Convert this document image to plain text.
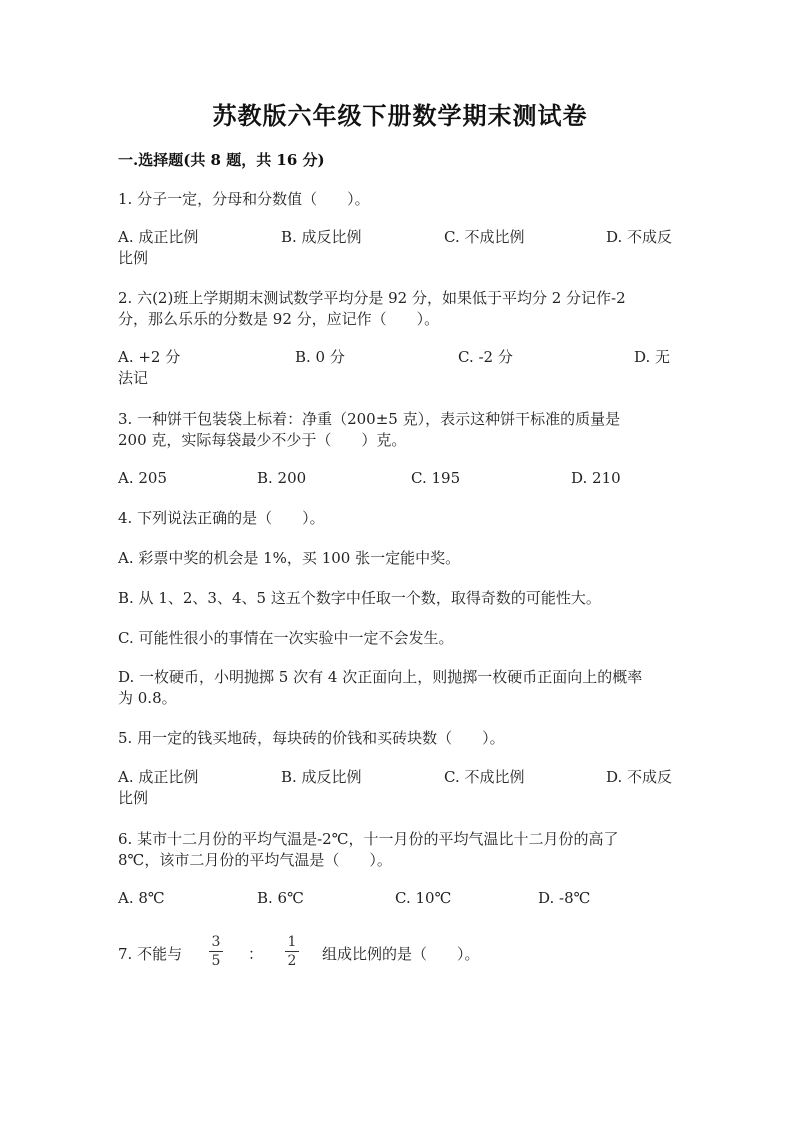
苏教版六年级下册数学期末测试卷
一.选择题(共 8 题，共 16 分)
1. 分子一定，分母和分数值（　　）。
A. 成正比例	B. 成反比例	C. 不成比例	D. 不成反
比例
2. 六(2)班上学期期末测试数学平均分是 92 分，如果低于平均分 2 分记作-2
分，那么乐乐的分数是 92 分，应记作（　　）。
A. +2 分	B. 0 分	C. -2 分	D. 无
法记
3. 一种饼干包装袋上标着：净重（200±5 克），表示这种饼干标准的质量是
200 克，实际每袋最少不少于（　　）克。
A. 205	B. 200	C. 195	D. 210
4. 下列说法正确的是（　　）。
A. 彩票中奖的机会是 1%，买 100 张一定能中奖。
B. 从 1、2、3、4、5 这五个数字中任取一个数，取得奇数的可能性大。
C. 可能性很小的事情在一次实验中一定不会发生。
D. 一枚硬币，小明抛掷 5 次有 4 次正面向上，则抛掷一枚硬币正面向上的概率
为 0.8。
5. 用一定的钱买地砖，每块砖的价钱和买砖块数（　　）。
A. 成正比例	B. 成反比例	C. 不成比例	D. 不成反
比例
6. 某市十二月份的平均气温是-2℃，十一月份的平均气温比十二月份的高了
8℃，该市二月份的平均气温是（　　）。
A. 8℃	B. 6℃	C. 10℃	D. -8℃
7. 不能与
3
5 ：
1
2 组成比例的是（　　）。
